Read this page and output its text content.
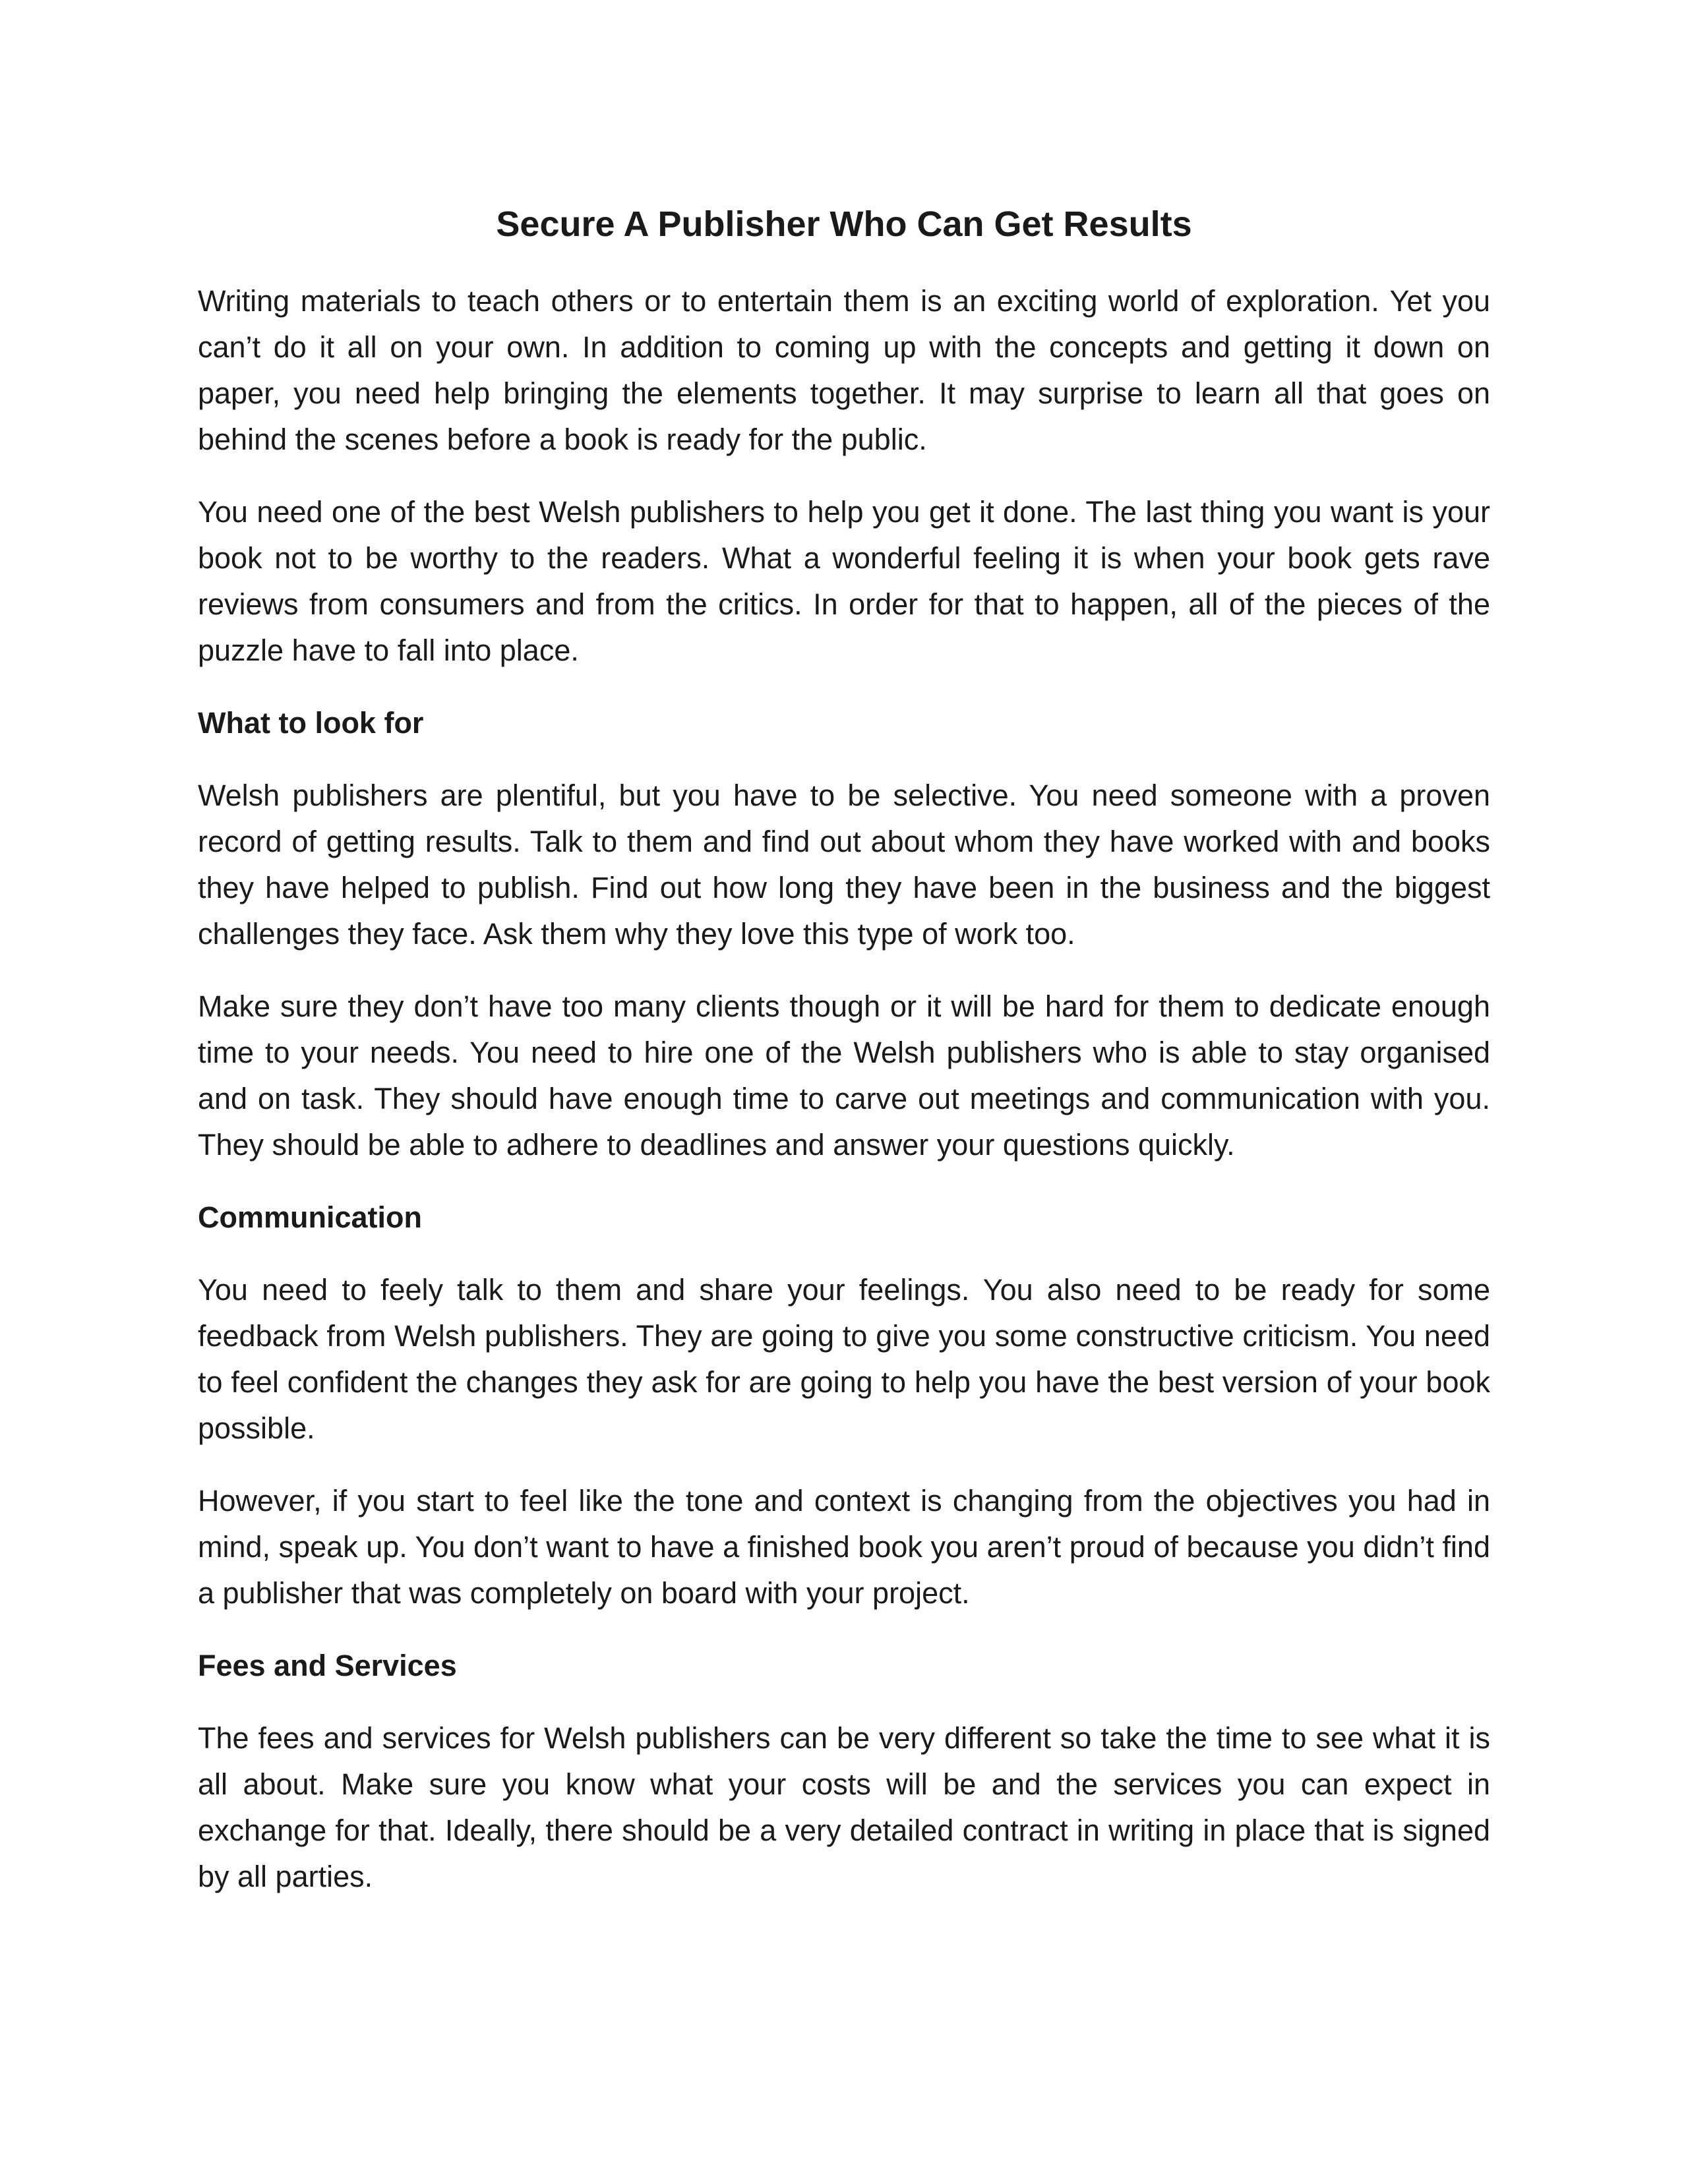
Secure A Publisher Who Can Get Results

Writing materials to teach others or to entertain them is an exciting world of exploration. Yet you can’t do it all on your own. In addition to coming up with the concepts and getting it down on paper, you need help bringing the elements together. It may surprise to learn all that goes on behind the scenes before a book is ready for the public.

You need one of the best Welsh publishers to help you get it done. The last thing you want is your book not to be worthy to the readers. What a wonderful feeling it is when your book gets rave reviews from consumers and from the critics. In order for that to happen, all of the pieces of the puzzle have to fall into place.

What to look for

Welsh publishers are plentiful, but you have to be selective. You need someone with a proven record of getting results. Talk to them and find out about whom they have worked with and books they have helped to publish. Find out how long they have been in the business and the biggest challenges they face. Ask them why they love this type of work too.

Make sure they don’t have too many clients though or it will be hard for them to dedicate enough time to your needs. You need to hire one of the Welsh publishers who is able to stay organised and on task. They should have enough time to carve out meetings and communication with you. They should be able to adhere to deadlines and answer your questions quickly.

Communication

You need to feely talk to them and share your feelings. You also need to be ready for some feedback from Welsh publishers. They are going to give you some constructive criticism. You need to feel confident the changes they ask for are going to help you have the best version of your book possible.

However, if you start to feel like the tone and context is changing from the objectives you had in mind, speak up. You don’t want to have a finished book you aren’t proud of because you didn’t find a publisher that was completely on board with your project.

Fees and Services

The fees and services for Welsh publishers can be very different so take the time to see what it is all about. Make sure you know what your costs will be and the services you can expect in exchange for that. Ideally, there should be a very detailed contract in writing in place that is signed by all parties.
